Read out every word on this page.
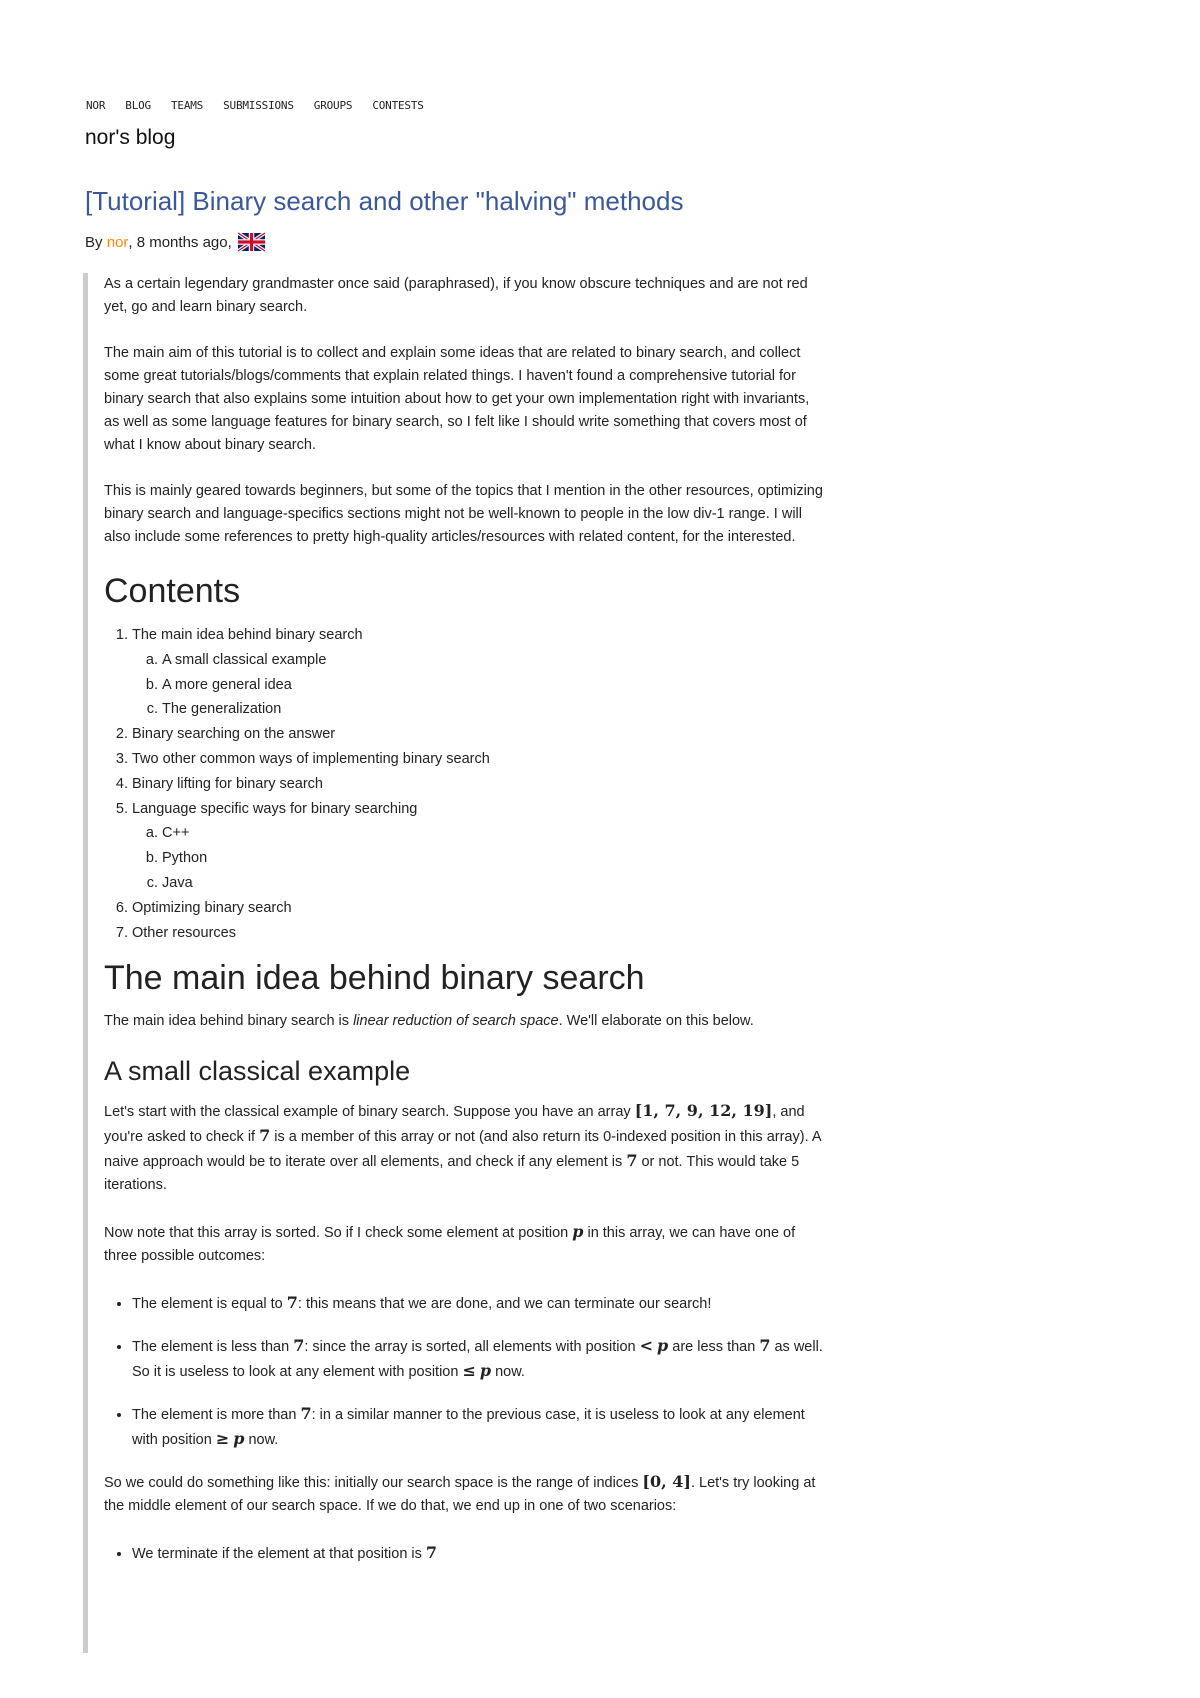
NOR BLOG TEAMS SUBMISSIONS GROUPS CONTESTS
nor's blog
[Tutorial] Binary search and other "halving" methods
By
nor , 8 months ago,

As a certain legendary grandmaster once said (paraphrased), if you know obscure techniques and are not red yet, go and learn binary search.

The main aim of this tutorial is to collect and explain some ideas that are related to binary search, and collect some great tutorials/blogs/comments that explain related things. I haven't found a comprehensive tutorial for binary search that also explains some intuition about how to get your own implementation right with invariants, as well as some language features for binary search, so I felt like I should write something that covers most of what I know about binary search.

This is mainly geared towards beginners, but some of the topics that I mention in the other resources, optimizing binary search and language-specifics sections might not be well-known to people in the low div-1 range. I will also include some references to pretty high-quality articles/resources with related content, for the interested.

Contents
1. The main idea behind binary search
a. A small classical example
b. A more general idea
c. The generalization
2. Binary searching on the answer
3. Two other common ways of implementing binary search
4. Binary lifting for binary search
5. Language specific ways for binary searching
a. C++
b. Python
c. Java
6. Optimizing binary search
7. Other resources
The main idea behind binary search

The main idea behind binary search is linear reduction of search space. We'll elaborate on this below.

A small classical example

Let's start with the classical example of binary search. Suppose you have an array [1, 7, 9, 12, 19], and you're asked to check if 7 is a member of this array or not (and also return its 0-indexed position in this array). A naive approach would be to iterate over all elements, and check if any element is 7 or not. This would take 5 iterations.

Now note that this array is sorted. So if I check some element at position p in this array, we can have one of three possible outcomes:

• The element is equal to 7: this means that we are done, and we can terminate our search!
• The element is less than 7: since the array is sorted, all elements with position < p are less than 7 as well. So it is useless to look at any element with position ≤ p now.
• The element is more than 7: in a similar manner to the previous case, it is useless to look at any element with position ≥ p now.

So we could do something like this: initially our search space is the range of indices [0, 4]. Let's try looking at the middle element of our search space. If we do that, we end up in one of two scenarios:

• We terminate if the element at that position is 7
